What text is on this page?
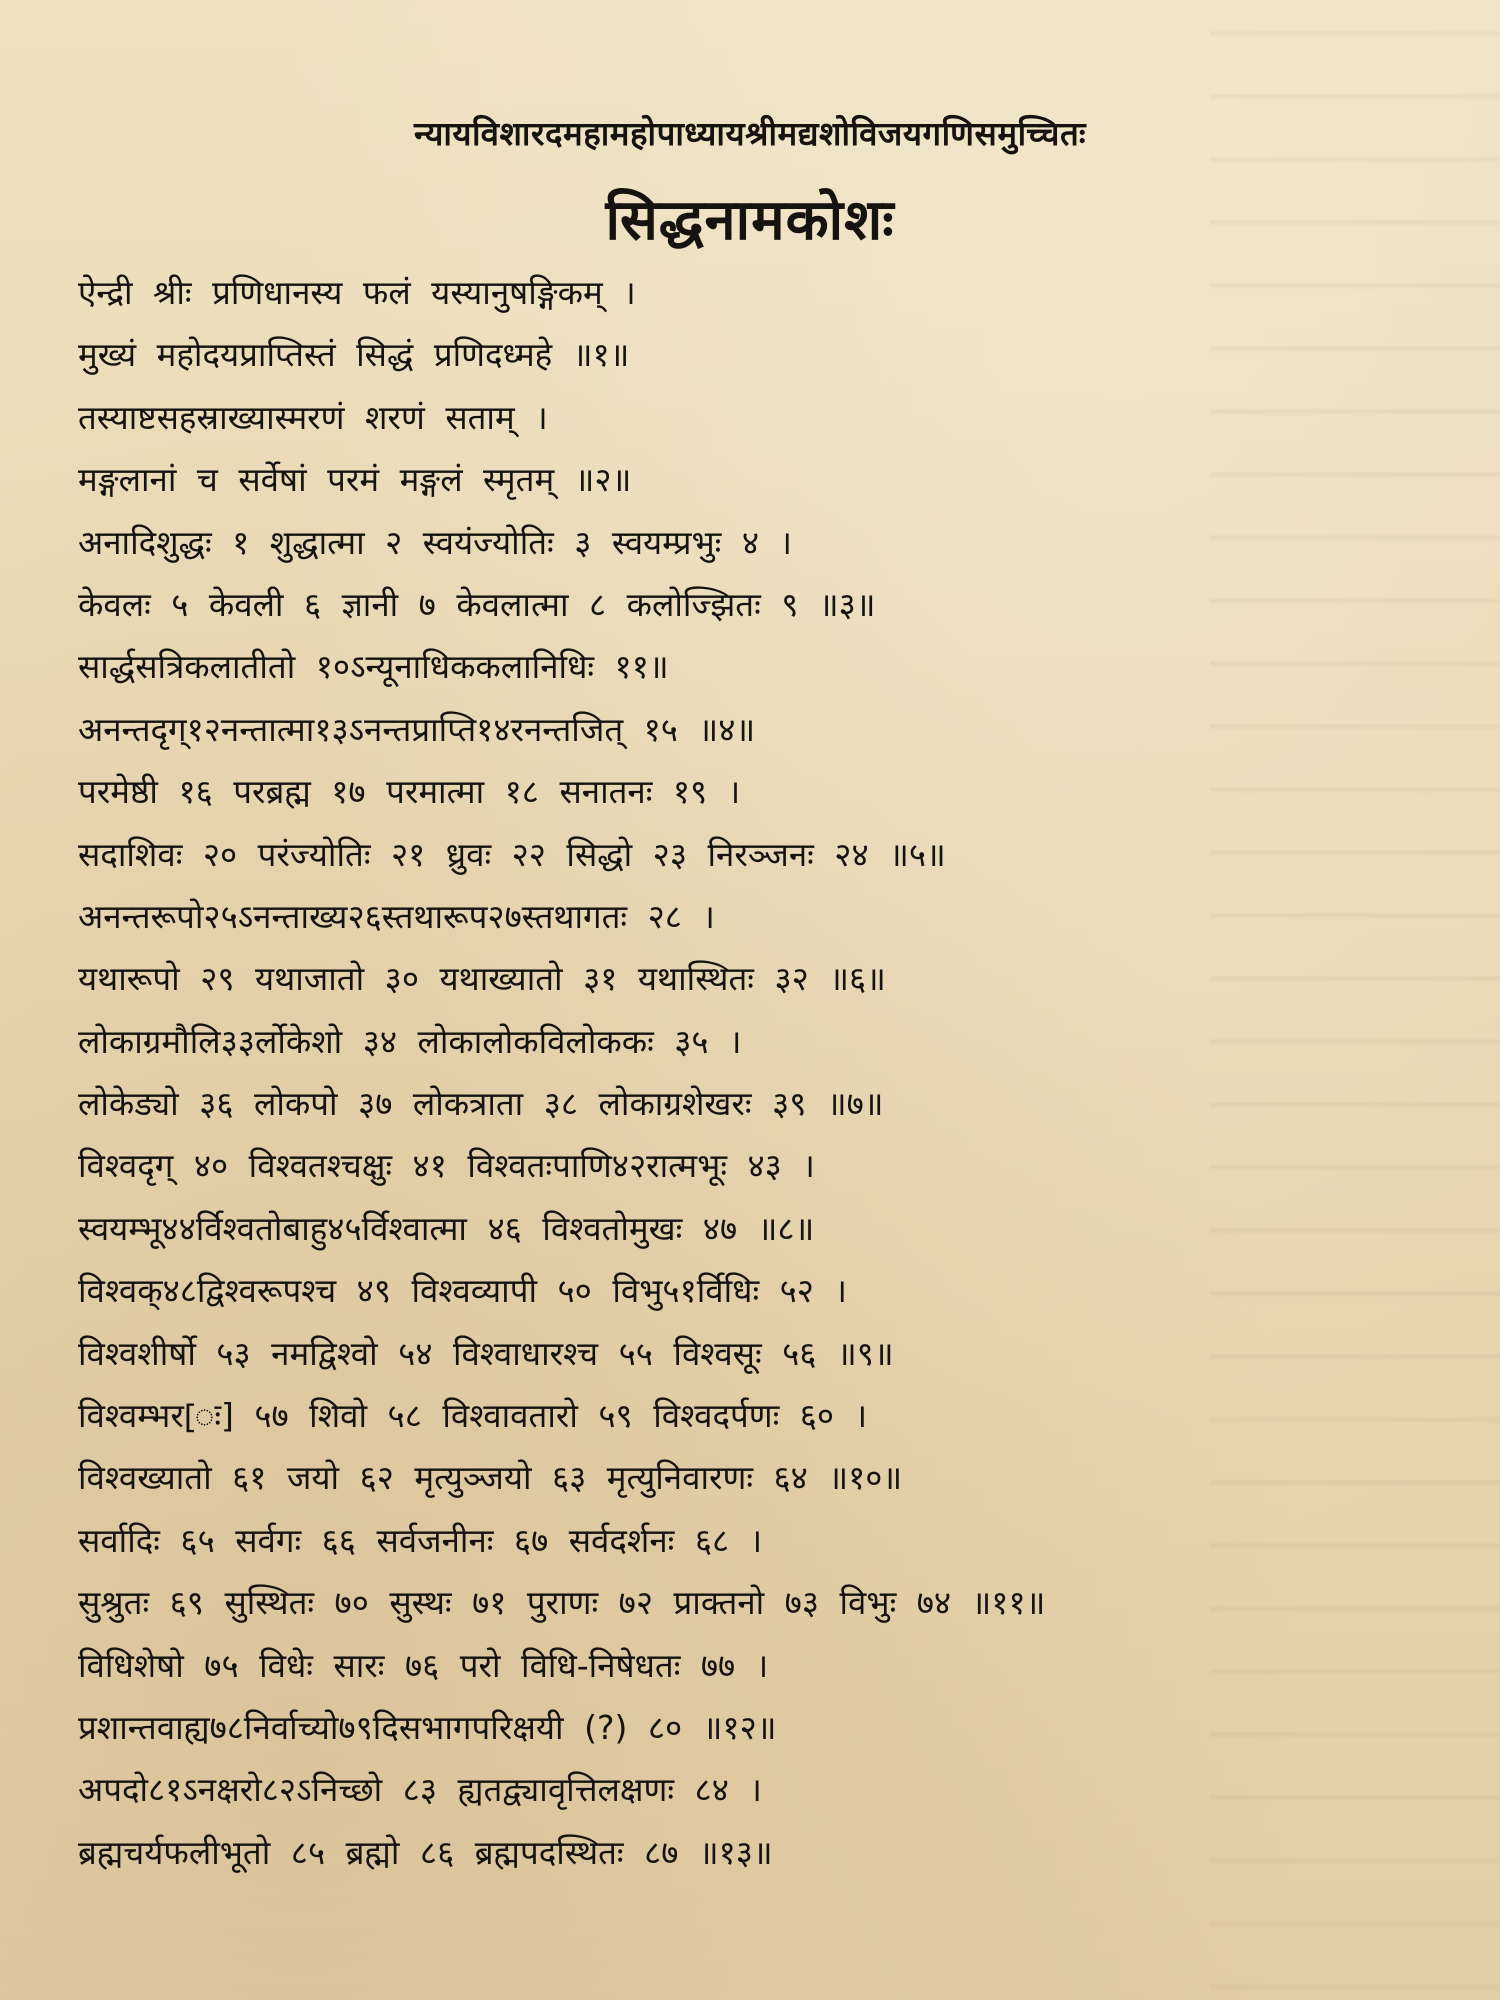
न्यायविशारदमहामहोपाध्यायश्रीमद्यशोविजयगणिसमुच्चितः
सिद्धनामकोशः
ऐन्द्री श्रीः प्रणिधानस्य फलं यस्यानुषङ्गिकम् ।
मुख्यं महोदयप्राप्तिस्तं सिद्धं प्रणिदध्महे ॥१॥
तस्याष्टसहस्राख्यास्मरणं शरणं सताम् ।
मङ्गलानां च सर्वेषां परमं मङ्गलं स्मृतम् ॥२॥
अनादिशुद्धः १ शुद्धात्मा २ स्वयंज्योतिः ३ स्वयम्प्रभुः ४ ।
केवलः ५ केवली ६ ज्ञानी ७ केवलात्मा ८ कलोज्झितः ९ ॥३॥
सार्द्धसत्रिकलातीतो १०ऽन्यूनाधिककलानिधिः ११॥
अनन्तदृग्१२नन्तात्मा१३ऽनन्तप्राप्ति१४रनन्तजित् १५ ॥४॥
परमेष्ठी १६ परब्रह्म १७ परमात्मा १८ सनातनः १९ ।
सदाशिवः २० परंज्योतिः २१ ध्रुवः २२ सिद्धो २३ निरञ्जनः २४ ॥५॥
अनन्तरूपो२५ऽनन्ताख्य२६स्तथारूप२७स्तथागतः २८ ।
यथारूपो २९ यथाजातो ३० यथाख्यातो ३१ यथास्थितः ३२ ॥६॥
लोकाग्रमौलि३३र्लोकेशो ३४ लोकालोकविलोककः ३५ ।
लोकेड्यो ३६ लोकपो ३७ लोकत्राता ३८ लोकाग्रशेखरः ३९ ॥७॥
विश्वदृग् ४० विश्वतश्चक्षुः ४१ विश्वतःपाणि४२रात्मभूः ४३ ।
स्वयम्भू४४र्विश्वतोबाहु४५र्विश्वात्मा ४६ विश्वतोमुखः ४७ ॥८॥
विश्वक्४८द्विश्वरूपश्च ४९ विश्वव्यापी ५० विभु५१र्विधिः ५२ ।
विश्वशीर्षो ५३ नमद्विश्वो ५४ विश्वाधारश्च ५५ विश्वसूः ५६ ॥९॥
विश्वम्भर[ः] ५७ शिवो ५८ विश्वावतारो ५९ विश्वदर्पणः ६० ।
विश्वख्यातो ६१ जयो ६२ मृत्युञ्जयो ६३ मृत्युनिवारणः ६४ ॥१०॥
सर्वादिः ६५ सर्वगः ६६ सर्वजनीनः ६७ सर्वदर्शनः ६८ ।
सुश्रुतः ६९ सुस्थितः ७० सुस्थः ७१ पुराणः ७२ प्राक्तनो ७३ विभुः ७४ ॥११॥
विधिशेषो ७५ विधेः सारः ७६ परो विधि-निषेधतः ७७ ।
प्रशान्तवाह्य७८निर्वाच्यो७९दिसभागपरिक्षयी (?) ८० ॥१२॥
अपदो८१ऽनक्षरो८२ऽनिच्छो ८३ ह्यतद्व्यावृत्तिलक्षणः ८४ ।
ब्रह्मचर्यफलीभूतो ८५ ब्रह्मो ८६ ब्रह्मपदस्थितः ८७ ॥१३॥
